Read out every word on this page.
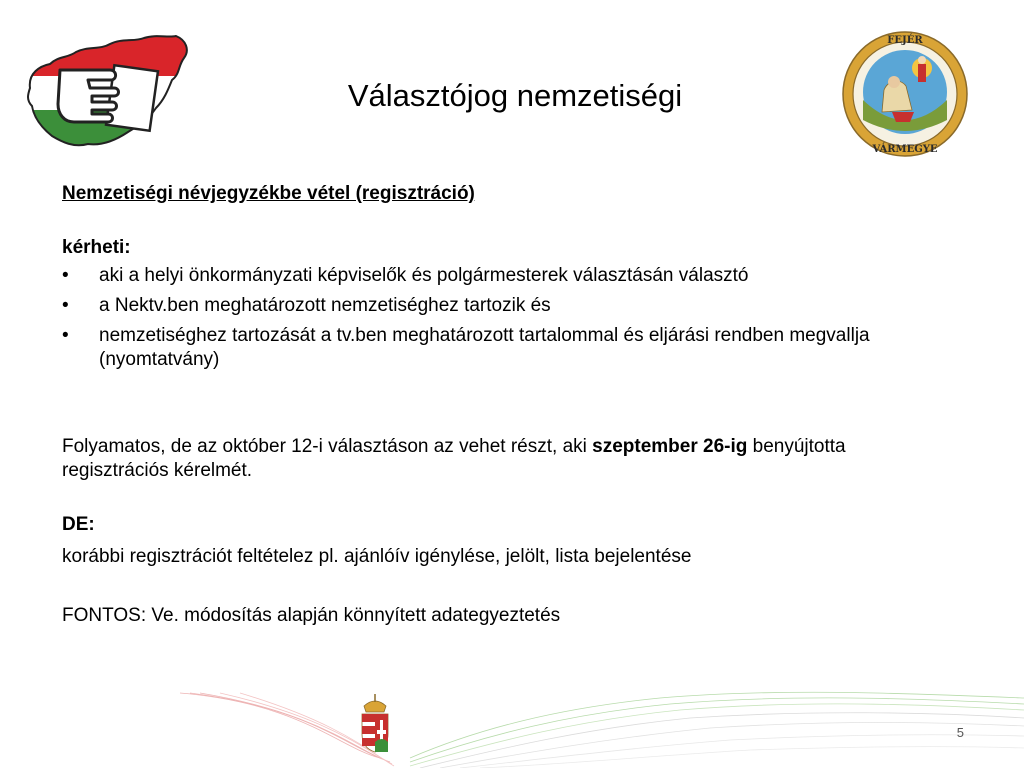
Választójog nemzetiségi
FEJÉR
VÁRMEGYE

Nemzetiségi névjegyzékbe vétel (regisztráció)

kérheti:

• aki a helyi önkormányzati képviselők és polgármesterek választásán választó
• a Nektv.ben meghatározott nemzetiséghez tartozik és
• nemzetiséghez tartozását a tv.ben meghatározott tartalommal és eljárási rendben megvallja (nyomtatvány)

Folyamatos, de az október 12-i választáson az vehet részt, aki szeptember 26-ig benyújtotta regisztrációs kérelmét.

DE:

korábbi regisztrációt feltételez pl. ajánlóív igénylése, jelölt, lista bejelentése

FONTOS: Ve. módosítás alapján könnyített adategyeztetés

5
